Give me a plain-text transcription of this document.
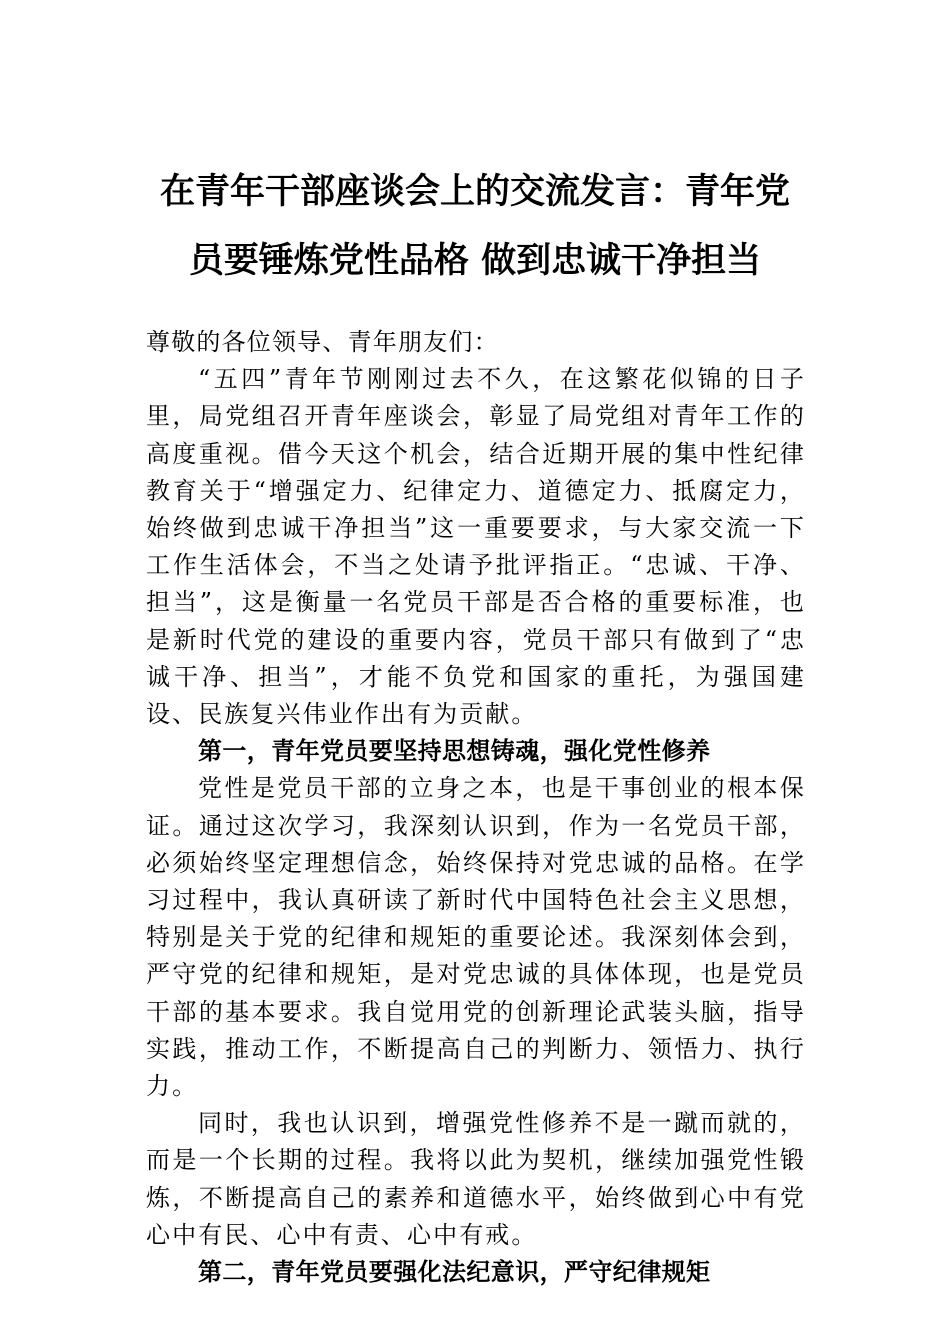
在青年干部座谈会上的交流发言：青年党
员要锤炼党性品格 做到忠诚干净担当

尊敬的各位领导、青年朋友们：

“五四”青年节刚刚过去不久，在这繁花似锦的日子里，局党组召开青年座谈会，彰显了局党组对青年工作的高度重视。借今天这个机会，结合近期开展的集中性纪律教育关于“增强定力、纪律定力、道德定力、抵腐定力，始终做到忠诚干净担当”这一重要要求，与大家交流一下工作生活体会，不当之处请予批评指正。“忠诚、干净、担当”，这是衡量一名党员干部是否合格的重要标准，也是新时代党的建设的重要内容，党员干部只有做到了“忠诚干净、担当”，才能不负党和国家的重托，为强国建设、民族复兴伟业作出有为贡献。

第一，青年党员要坚持思想铸魂，强化党性修养

党性是党员干部的立身之本，也是干事创业的根本保证。通过这次学习，我深刻认识到，作为一名党员干部，必须始终坚定理想信念，始终保持对党忠诚的品格。在学习过程中，我认真研读了新时代中国特色社会主义思想，特别是关于党的纪律和规矩的重要论述。我深刻体会到，严守党的纪律和规矩，是对党忠诚的具体体现，也是党员干部的基本要求。我自觉用党的创新理论武装头脑，指导实践，推动工作，不断提高自己的判断力、领悟力、执行力。

同时，我也认识到，增强党性修养不是一蹴而就的，而是一个长期的过程。我将以此为契机，继续加强党性锻炼，不断提高自己的素养和道德水平，始终做到心中有党心中有民、心中有责、心中有戒。

第二，青年党员要强化法纪意识，严守纪律规矩
